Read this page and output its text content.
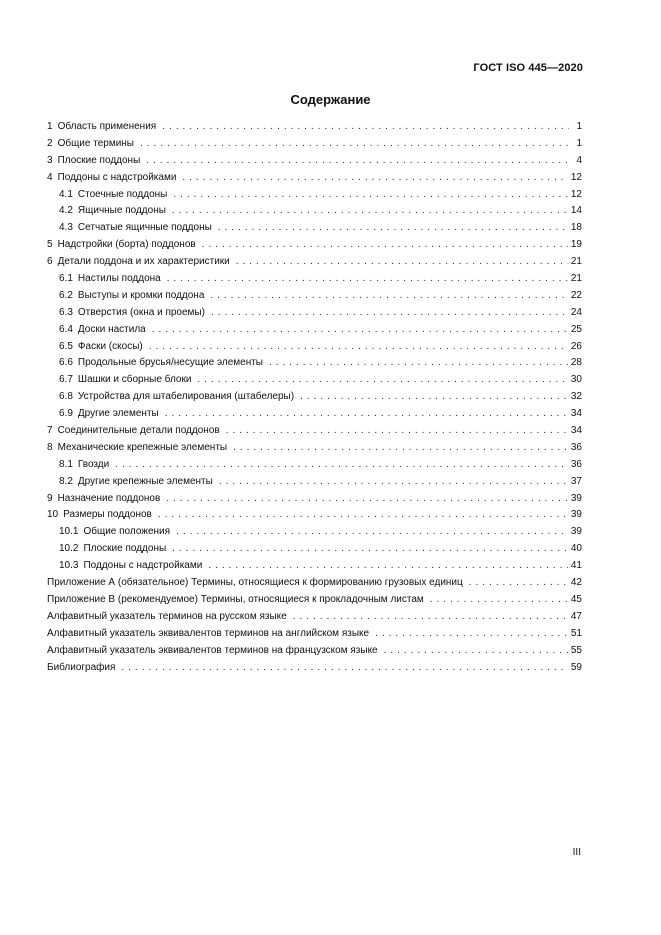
ГОСТ ISO 445—2020
Содержание
1 Область применения . . .	1
2 Общие термины . . .	1
3 Плоские поддоны . . .	4
4 Поддоны с надстройками . . .	12
4.1 Стоечные поддоны . . .	12
4.2 Ящичные поддоны . . .	14
4.3 Сетчатые ящичные поддоны . . .	18
5 Надстройки (борта) поддонов . . .	19
6 Детали поддона и их характеристики . . .	21
6.1 Настилы поддона . . .	21
6.2 Выступы и кромки поддона . . .	22
6.3 Отверстия (окна и проемы) . . .	24
6.4 Доски настила . . .	25
6.5 Фаски (скосы) . . .	26
6.6 Продольные брусья/несущие элементы . . .	28
6.7 Шашки и сборные блоки . . .	30
6.8 Устройства для штабелирования (штабелеры) . . .	32
6.9 Другие элементы . . .	34
7 Соединительные детали поддонов . . .	34
8 Механические крепежные элементы . . .	36
8.1 Гвозди . . .	36
8.2 Другие крепежные элементы . . .	37
9 Назначение поддонов . . .	39
10 Размеры поддонов . . .	39
10.1 Общие положения . . .	39
10.2 Плоские поддоны . . .	40
10.3 Поддоны с надстройками . . .	41
Приложение А (обязательное) Термины, относящиеся к формированию грузовых единиц . . .	42
Приложение В (рекомендуемое) Термины, относящиеся к прокладочным листам . . .	45
Алфавитный указатель терминов на русском языке . . .	47
Алфавитный указатель эквивалентов терминов на английском языке . . .	51
Алфавитный указатель эквивалентов терминов на французском языке . . .	55
Библиография . . .	59
III
